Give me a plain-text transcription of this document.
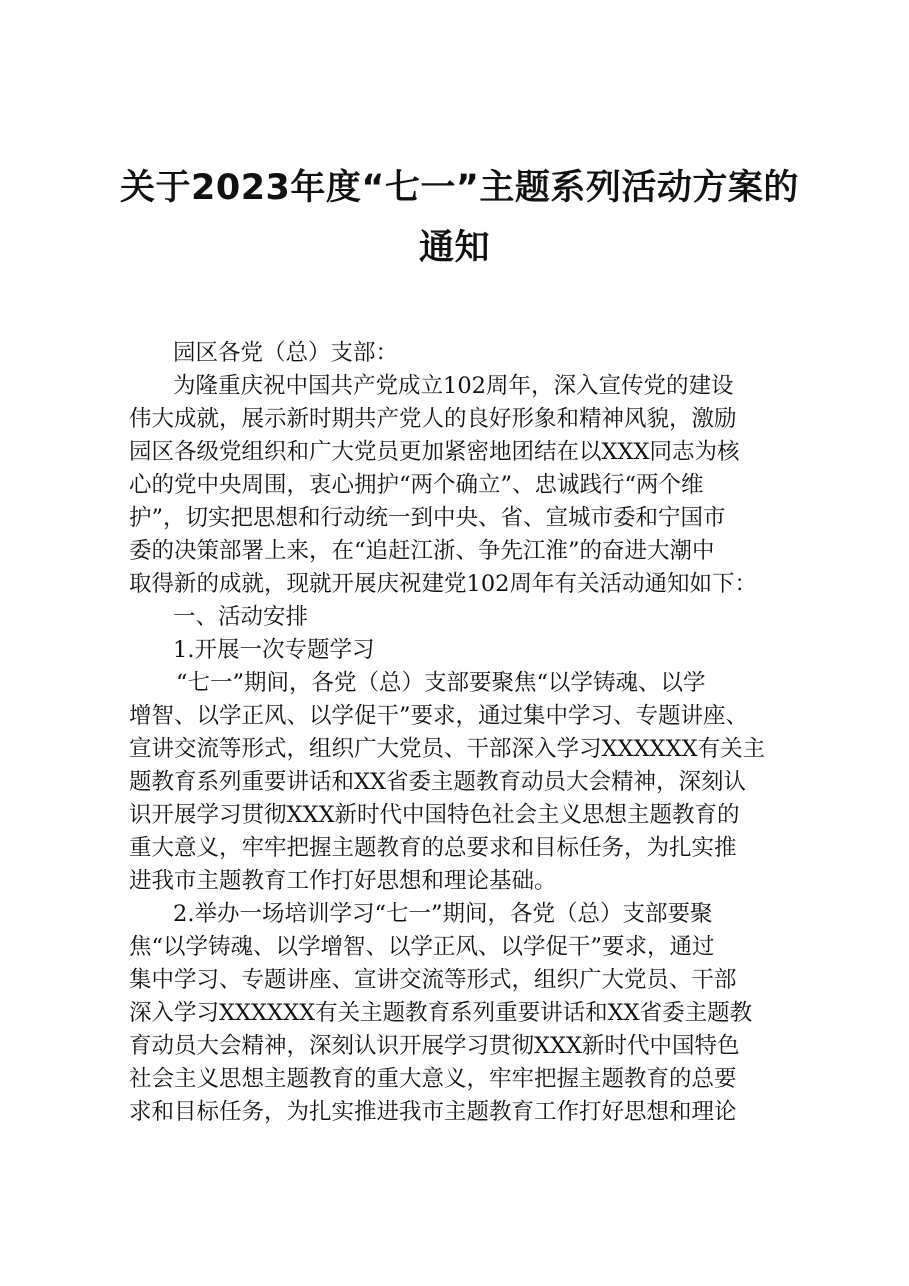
关于2023年度“七一”主题系列活动方案的
通知
园区各党（总）支部：
为隆重庆祝中国共产党成立102周年，深入宣传党的建设
伟大成就，展示新时期共产党人的良好形象和精神风貌，激励
园区各级党组织和广大党员更加紧密地团结在以XXX同志为核
心的党中央周围，衷心拥护“两个确立”、忠诚践行“两个维
护”，切实把思想和行动统一到中央、省、宣城市委和宁国市
委的决策部署上来，在“追赶江浙、争先江淮”的奋进大潮中
取得新的成就，现就开展庆祝建党102周年有关活动通知如下：
一、活动安排
1.开展一次专题学习
“七一”期间，各党（总）支部要聚焦“以学铸魂、以学
增智、以学正风、以学促干”要求，通过集中学习、专题讲座、
宣讲交流等形式，组织广大党员、干部深入学习XXXXXX有关主
题教育系列重要讲话和XX省委主题教育动员大会精神，深刻认
识开展学习贯彻XXX新时代中国特色社会主义思想主题教育的
重大意义，牢牢把握主题教育的总要求和目标任务，为扎实推
进我市主题教育工作打好思想和理论基础。
2.举办一场培训学习“七一”期间，各党（总）支部要聚
焦“以学铸魂、以学增智、以学正风、以学促干”要求，通过
集中学习、专题讲座、宣讲交流等形式，组织广大党员、干部
深入学习XXXXXX有关主题教育系列重要讲话和XX省委主题教
育动员大会精神，深刻认识开展学习贯彻XXX新时代中国特色
社会主义思想主题教育的重大意义，牢牢把握主题教育的总要
求和目标任务，为扎实推进我市主题教育工作打好思想和理论
